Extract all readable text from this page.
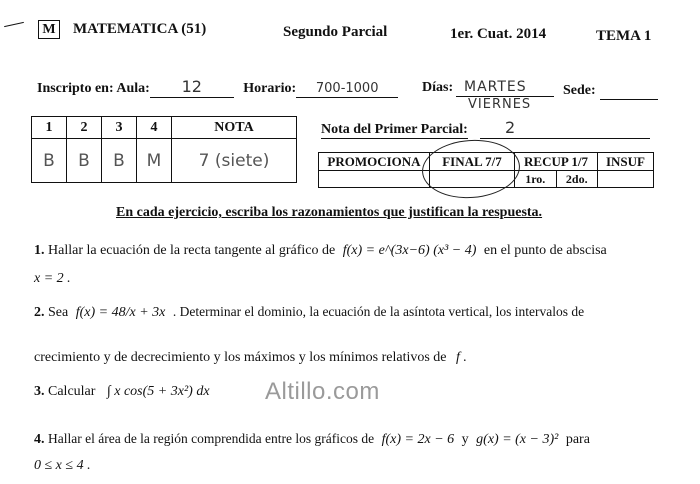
M MATEMATICA (51)	Segundo Parcial	1er. Cuat. 2014	TEMA 1
Inscripto en: Aula: 12	Horario: 700-1000	Días: MARTES
VIERNES
Sede:
1	2	3	4	NOTA
B	B	B	M	7 (siete)
Nota del Primer Parcial: 2
PROMOCIONA	FINAL 7/7	RECUP 1/7		INSUF
		1ro.	2do.	
En cada ejercicio, escriba los razonamientos que justifican la respuesta.
1. Hallar la ecuación de la recta tangente al gráfico de f(x) = e^(3x−6) (x³ − 4) en el punto de abscisa
x = 2 .
2. Sea f(x) = 48/x + 3x . Determinar el dominio, la ecuación de la asíntota vertical, los intervalos de
crecimiento y de decrecimiento y los máximos y los mínimos relativos de f .
3. Calcular ∫ x cos(5 + 3x²) dx Altillo.com
4. Hallar el área de la región comprendida entre los gráficos de f(x) = 2x − 6 y g(x) = (x − 3)² para
0 ≤ x ≤ 4 .
